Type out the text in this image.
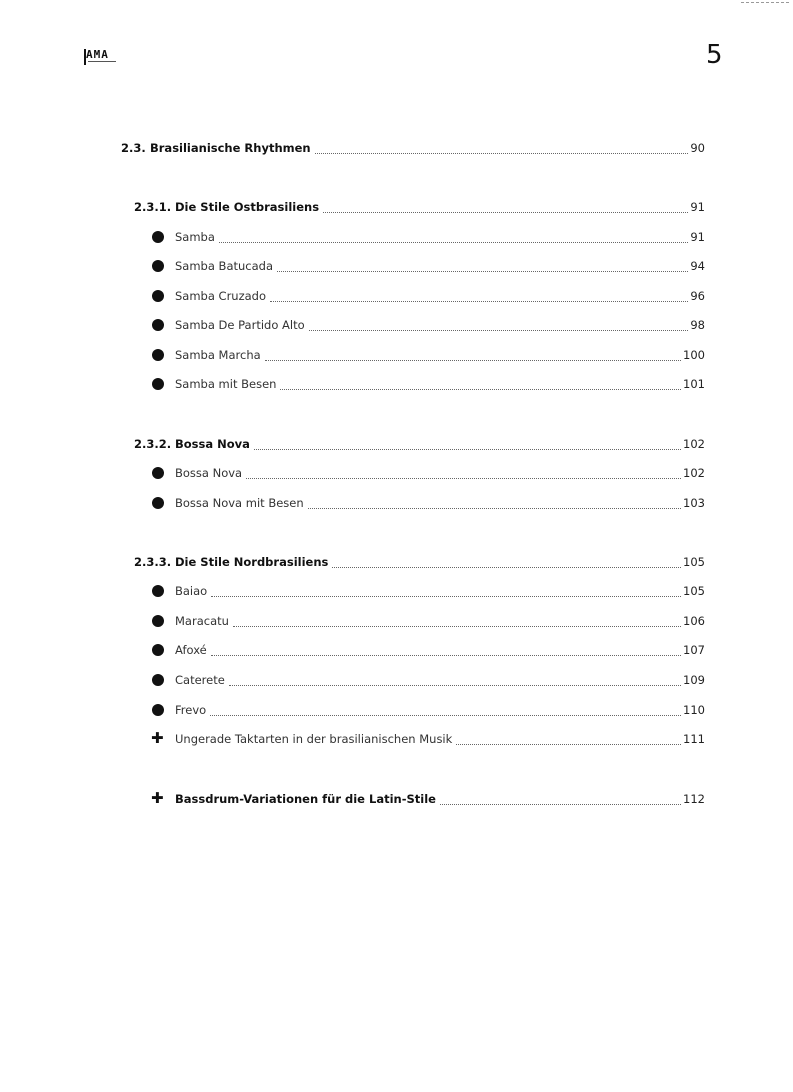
AMA	5
2.3. Brasilianische Rhythmen	90
2.3.1. Die Stile Ostbrasiliens	91
Samba	91
Samba Batucada	94
Samba Cruzado	96
Samba De Partido Alto	98
Samba Marcha	100
Samba mit Besen	101
2.3.2. Bossa Nova	102
Bossa Nova	102
Bossa Nova mit Besen	103
2.3.3. Die Stile Nordbrasiliens	105
Baiao	105
Maracatu	106
Afoxé	107
Caterete	109
Frevo	110
✚ Ungerade Taktarten in der brasilianischen Musik	111
✚ Bassdrum-Variationen für die Latin-Stile	112
